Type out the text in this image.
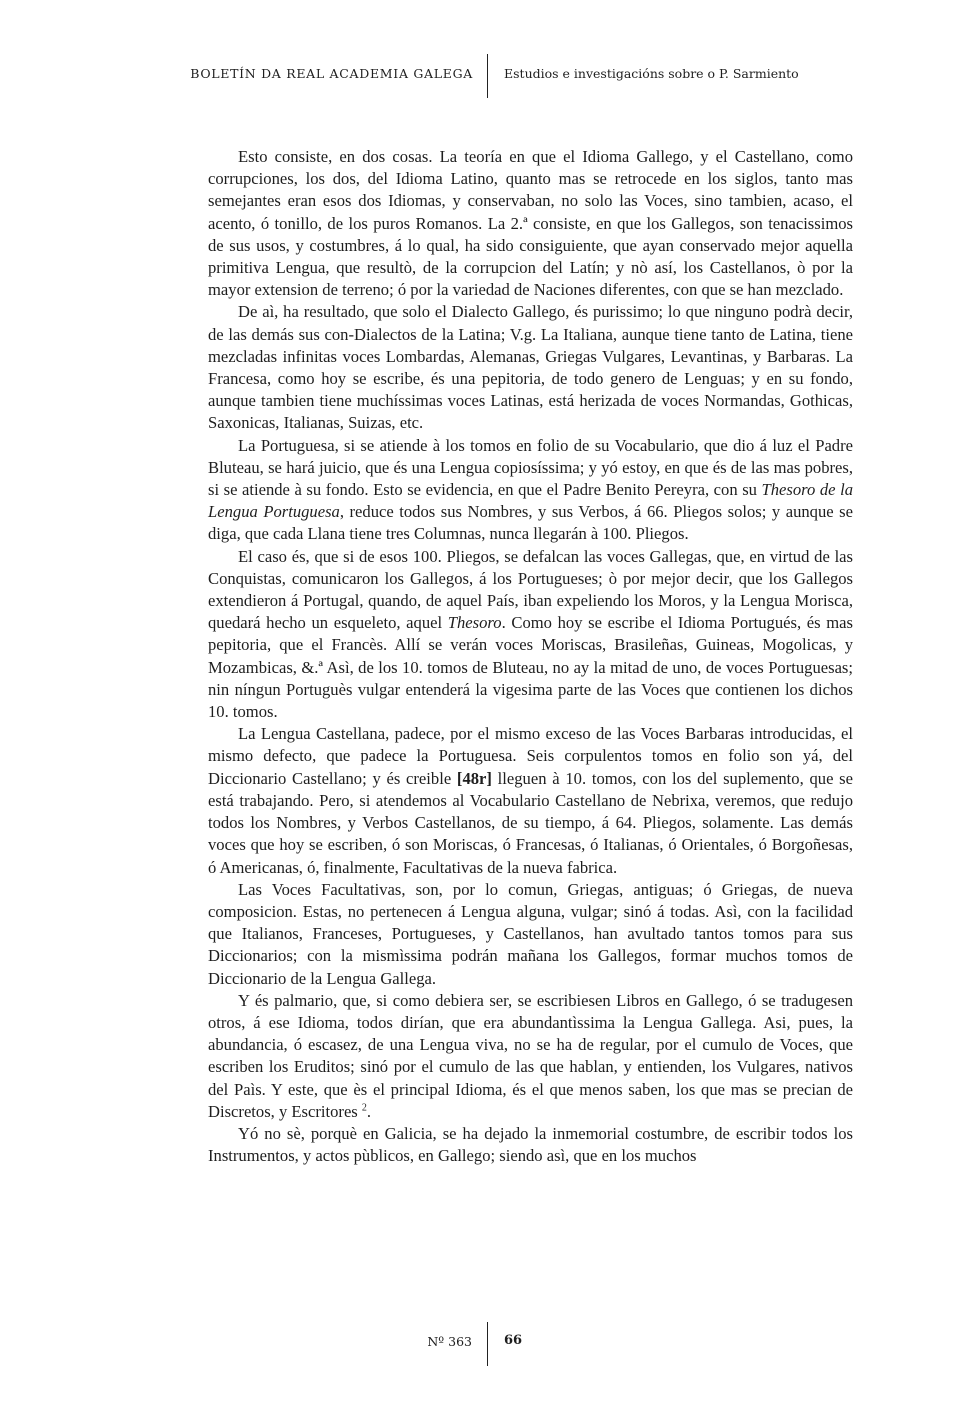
BOLETÍN DA REAL ACADEMIA GALEGA Estudios e investigacións sobre o P. Sarmiento

Esto consiste, en dos cosas. La teoría en que el Idioma Gallego, y el Castellano, como corrupciones, los dos, del Idioma Latino, quanto mas se retrocede en los siglos, tanto mas semejantes eran esos dos Idiomas, y conservaban, no solo las Voces, sino tambien, acaso, el acento, ó tonillo, de los puros Romanos. La 2.ª consiste, en que los Gallegos, son tenacissimos de sus usos, y costumbres, á lo qual, ha sido consiguiente, que ayan conservado mejor aquella primitiva Lengua, que resultò, de la corrupcion del Latín; y nò así, los Castellanos, ò por la mayor extension de terreno; ó por la variedad de Naciones diferentes, con que se han mezclado.

De aì, ha resultado, que solo el Dialecto Gallego, és purissimo; lo que ninguno podrà decir, de las demás sus con-Dialectos de la Latina; V.g. La Italiana, aunque tiene tanto de Latina, tiene mezcladas infinitas voces Lombardas, Alemanas, Griegas Vulgares, Levantinas, y Barbaras. La Francesa, como hoy se escribe, és una pepitoria, de todo genero de Lenguas; y en su fondo, aunque tambien tiene muchíssimas voces Latinas, está herizada de voces Normandas, Gothicas, Saxonicas, Italianas, Suizas, etc.

La Portuguesa, si se atiende à los tomos en folio de su Vocabulario, que dio á luz el Padre Bluteau, se hará juicio, que és una Lengua copiosíssima; y yó estoy, en que és de las mas pobres, si se atiende à su fondo. Esto se evidencia, en que el Padre Benito Pereyra, con su Thesoro de la Lengua Portuguesa, reduce todos sus Nombres, y sus Verbos, á 66. Pliegos solos; y aunque se diga, que cada Llana tiene tres Columnas, nunca llegarán à 100. Pliegos.

El caso és, que si de esos 100. Pliegos, se defalcan las voces Gallegas, que, en virtud de las Conquistas, comunicaron los Gallegos, á los Portugueses; ò por mejor decir, que los Gallegos extendieron á Portugal, quando, de aquel País, iban expeliendo los Moros, y la Lengua Morisca, quedará hecho un esqueleto, aquel Thesoro. Como hoy se escribe el Idioma Portugués, és mas pepitoria, que el Francès. Allí se verán voces Moriscas, Brasileñas, Guineas, Mogolicas, y Mozambicas, &.ª Asì, de los 10. tomos de Bluteau, no ay la mitad de uno, de voces Portuguesas; nin níngun Portuguès vulgar entenderá la vigesima parte de las Voces que contienen los dichos 10. tomos.

La Lengua Castellana, padece, por el mismo exceso de las Voces Barbaras introducidas, el mismo defecto, que padece la Portuguesa. Seis corpulentos tomos en folio son yá, del Diccionario Castellano; y és creible [48r] lleguen à 10. tomos, con los del suplemento, que se está trabajando. Pero, si atendemos al Vocabulario Castellano de Nebrixa, veremos, que redujo todos los Nombres, y Verbos Castellanos, de su tiempo, á 64. Pliegos, solamente. Las demás voces que hoy se escriben, ó son Moriscas, ó Francesas, ó Italianas, ó Orientales, ó Borgoñesas, ó Americanas, ó, finalmente, Facultativas de la nueva fabrica.

Las Voces Facultativas, son, por lo comun, Griegas, antiguas; ó Griegas, de nueva composicion. Estas, no pertenecen á Lengua alguna, vulgar; sinó á todas. Asì, con la facilidad que Italianos, Franceses, Portugueses, y Castellanos, han avultado tantos tomos para sus Diccionarios; con la mismìssima podrán mañana los Gallegos, formar muchos tomos de Diccionario de la Lengua Gallega.

Y és palmario, que, si como debiera ser, se escribiesen Libros en Gallego, ó se tradugesen otros, á ese Idioma, todos dirían, que era abundantìssima la Lengua Gallega. Asi, pues, la abundancia, ó escasez, de una Lengua viva, no se ha de regular, por el cumulo de Voces, que escriben los Eruditos; sinó por el cumulo de las que hablan, y entienden, los Vulgares, nativos del Paìs. Y este, que ès el principal Idioma, és el que menos saben, los que mas se precian de Discretos, y Escritores $^2$.

Yó no sè, porquè en Galicia, se ha dejado la inmemorial costumbre, de escribir todos los Instrumentos, y actos pùblicos, en Gallego; siendo asì, que en los muchos

Nº 363 66
